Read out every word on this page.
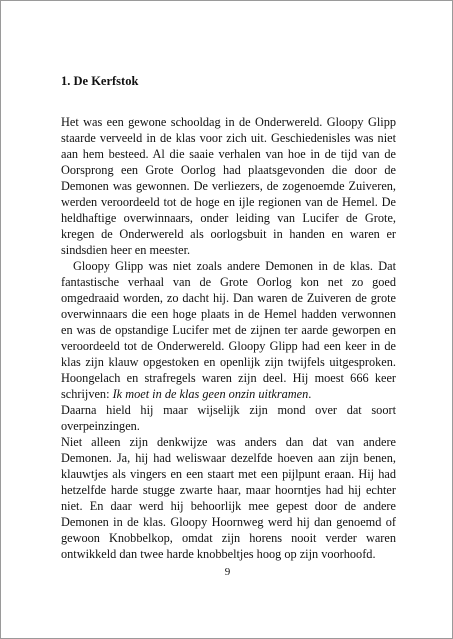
1. De Kerfstok

Het was een gewone schooldag in de Onderwereld. Gloopy Glipp staarde verveeld in de klas voor zich uit. Geschiedenisles was niet aan hem besteed. Al die saaie verhalen van hoe in de tijd van de Oorsprong een Grote Oorlog had plaatsgevonden die door de Demonen was gewonnen. De verliezers, de zogenoemde Zuiveren, werden veroordeeld tot de hoge en ijle regionen van de Hemel. De heldhaftige overwinnaars, onder leiding van Lucifer de Grote, kregen de Onderwereld als oorlogsbuit in handen en waren er sindsdien heer en meester.

Gloopy Glipp was niet zoals andere Demonen in de klas. Dat fantastische verhaal van de Grote Oorlog kon net zo goed omgedraaid worden, zo dacht hij. Dan waren de Zuiveren de grote overwinnaars die een hoge plaats in de Hemel hadden verwonnen en was de opstandige Lucifer met de zijnen ter aarde geworpen en veroordeeld tot de Onderwereld. Gloopy Glipp had een keer in de klas zijn klauw opgestoken en openlijk zijn twijfels uitgesproken. Hoongelach en strafregels waren zijn deel. Hij moest 666 keer schrijven: Ik moet in de klas geen onzin uitkramen.

Daarna hield hij maar wijselijk zijn mond over dat soort overpeinzingen.

Niet alleen zijn denkwijze was anders dan dat van andere Demonen. Ja, hij had weliswaar dezelfde hoeven aan zijn benen, klauwtjes als vingers en een staart met een pijlpunt eraan. Hij had hetzelfde harde stugge zwarte haar, maar hoorntjes had hij echter niet. En daar werd hij behoorlijk mee gepest door de andere Demonen in de klas. Gloopy Hoornweg werd hij dan genoemd of gewoon Knobbelkop, omdat zijn horens nooit verder waren ontwikkeld dan twee harde knobbeltjes hoog op zijn voorhoofd.

9
